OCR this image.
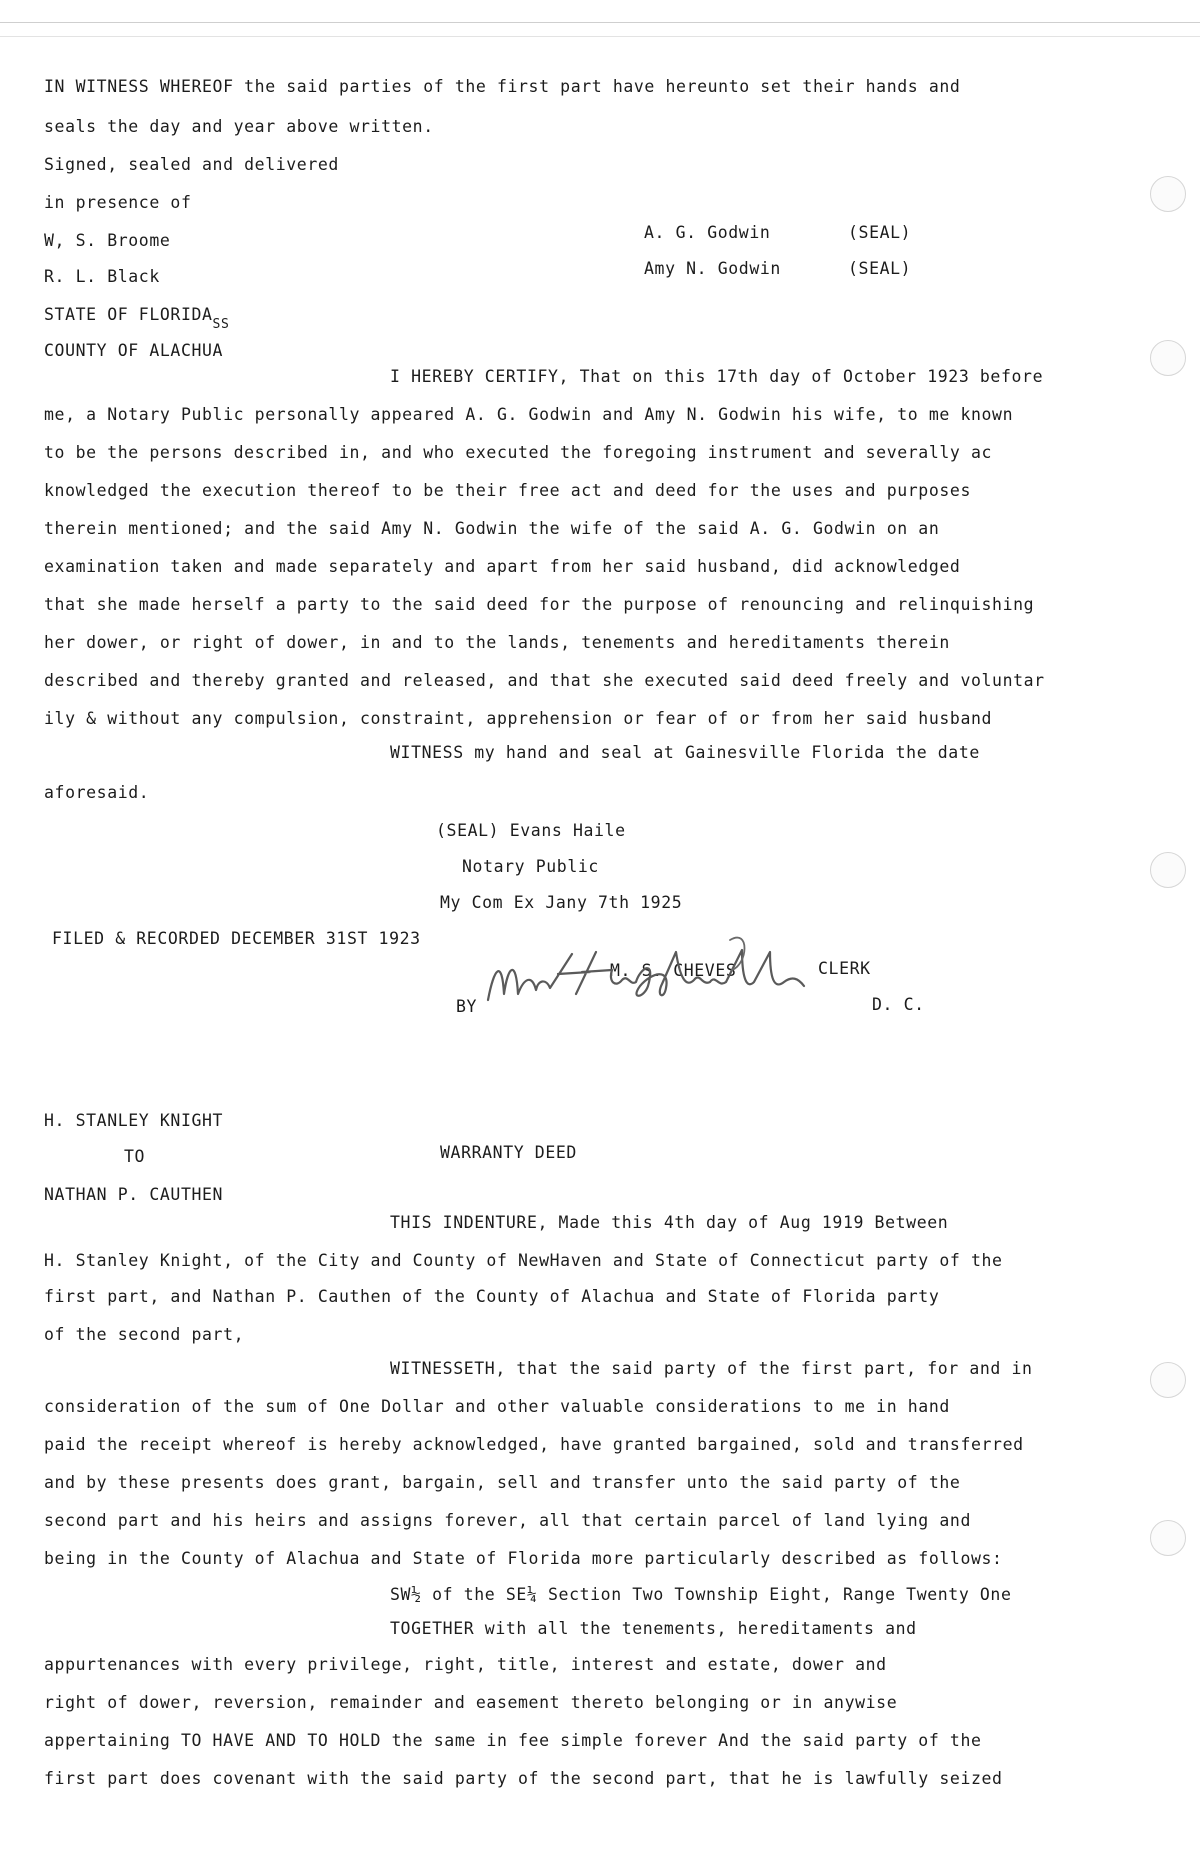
IN WITNESS WHEREOF the said parties of the first part have hereunto set their hands and
seals the day and year above written.
Signed, sealed and delivered
in presence of
W, S. Broome
R. L. Black
A. G. Godwin	(SEAL)
Amy N. Godwin	(SEAL)
STATE OF $FLORIDA_{SS}$
COUNTY OF ALACHUA
I HEREBY CERTIFY, That on this 17th day of October 1923 before
me, a Notary Public personally appeared A. G. Godwin and Amy N. Godwin his wife, to me known
to be the persons described in, and who executed the foregoing instrument and severally ac
knowledged the execution thereof to be their free act and deed for the uses and purposes
therein mentioned; and the said Amy N. Godwin the wife of the said A. G. Godwin on an
examination taken and made separately and apart from her said husband, did acknowledged
that she made herself a party to the said deed for the purpose of renouncing and relinquishing
her dower, or right of dower, in and to the lands, tenements and hereditaments therein
described and thereby granted and released, and that she executed said deed freely and voluntar
ily & without any compulsion, constraint, apprehension or fear of or from her said husband
WITNESS my hand and seal at Gainesville Florida the date
aforesaid.
(SEAL) Evans Haile
Notary Public
My Com Ex Jany 7th 1925
FILED & RECORDED DECEMBER 31ST 1923
M. S. CHEVES	CLERK
BY	D. C.
H. STANLEY KNIGHT
TO	WARRANTY DEED
NATHAN P. CAUTHEN
THIS INDENTURE, Made this 4th day of Aug 1919 Between
H. Stanley Knight, of the City and County of NewHaven and State of Connecticut party of the
first part, and Nathan P. Cauthen of the County of Alachua and State of Florida party
of the second part,
WITNESSETH, that the said party of the first part, for and in
consideration of the sum of One Dollar and other valuable considerations to me in hand
paid the receipt whereof is hereby acknowledged, have granted bargained, sold and transferred
and by these presents does grant, bargain, sell and transfer unto the said party of the
second part and his heirs and assigns forever, all that certain parcel of land lying and
being in the County of Alachua and State of Florida more particularly described as follows:
SW½ of the SE¼ Section Two Township Eight, Range Twenty One
TOGETHER with all the tenements, hereditaments and
appurtenances with every privilege, right, title, interest and estate, dower and
right of dower, reversion, remainder and easement thereto belonging or in anywise
appertaining TO HAVE AND TO HOLD the same in fee simple forever And the said party of the
first part does covenant with the said party of the second part, that he is lawfully seized
